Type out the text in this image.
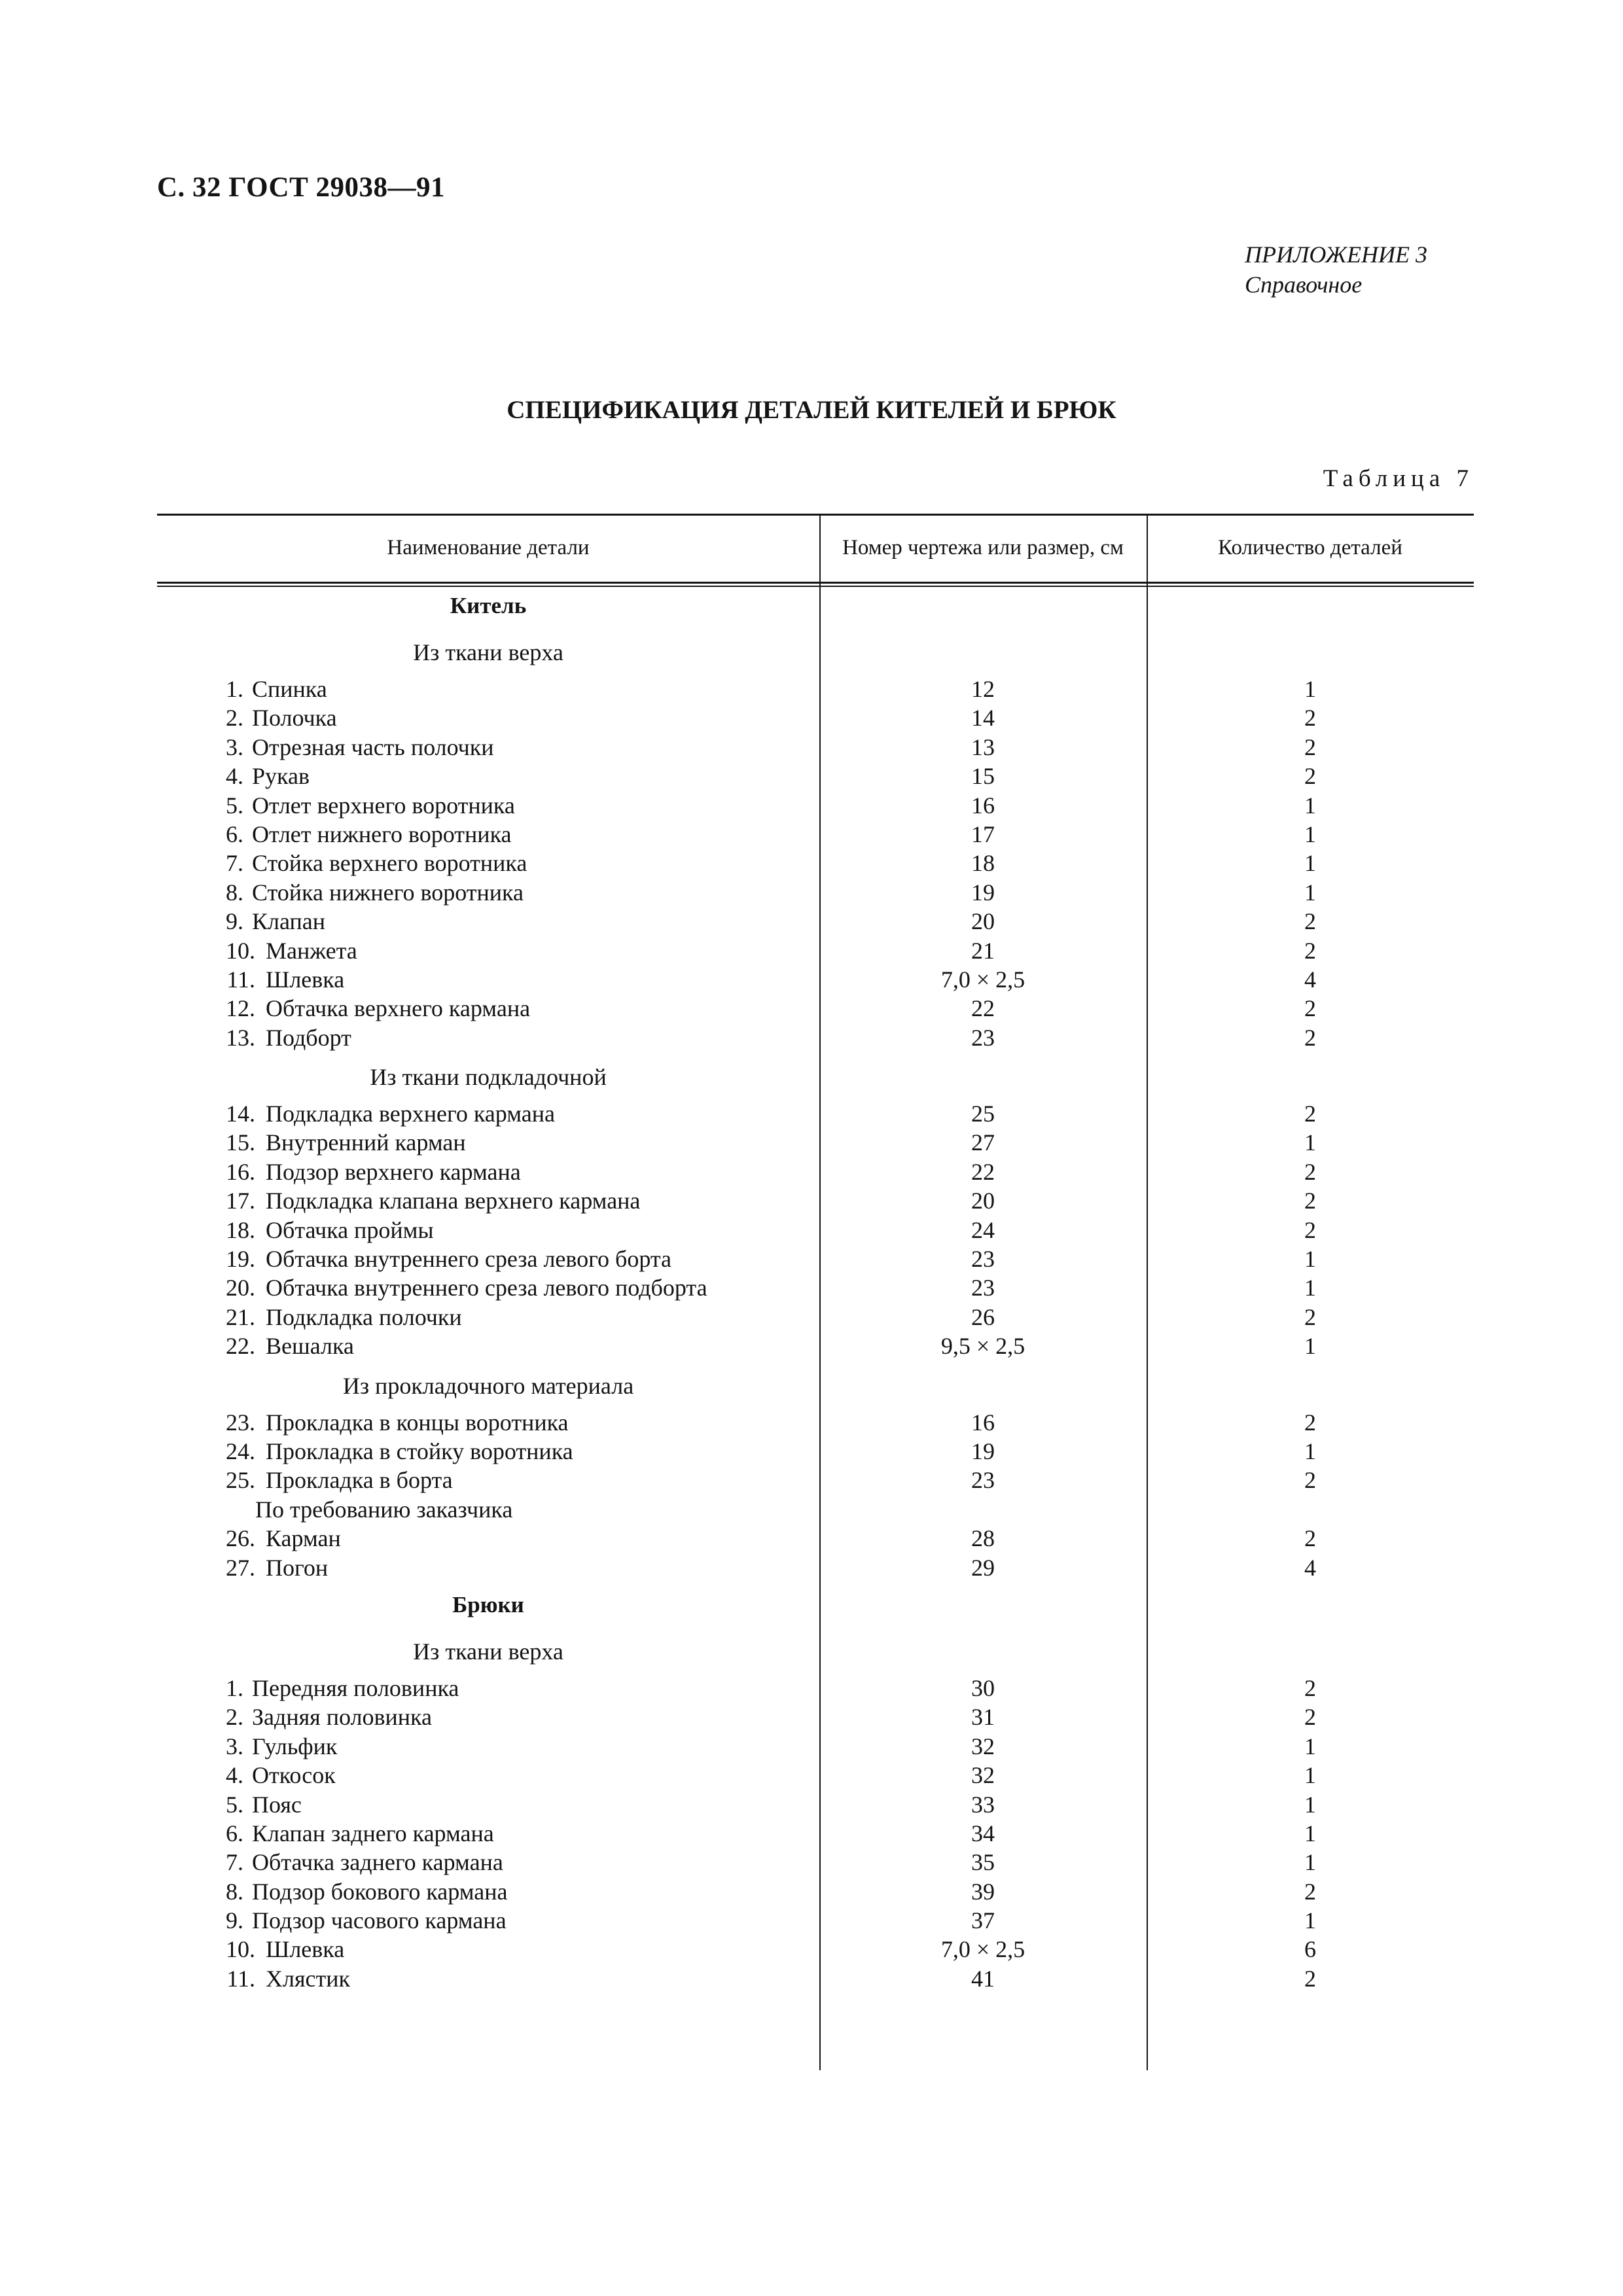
С. 32 ГОСТ 29038—91
ПРИЛОЖЕНИЕ 3
Справочное
СПЕЦИФИКАЦИЯ ДЕТАЛЕЙ КИТЕЛЕЙ И БРЮК
Таблица 7
Наименование детали	Номер чертежа или размер, см	Количество деталей
Китель
Из ткани верха
1. Спинка	12	1
2. Полочка	14	2
3. Отрезная часть полочки	13	2
4. Рукав	15	2
5. Отлет верхнего воротника	16	1
6. Отлет нижнего воротника	17	1
7. Стойка верхнего воротника	18	1
8. Стойка нижнего воротника	19	1
9. Клапан	20	2
10. Манжета	21	2
11. Шлевка	7,0 × 2,5	4
12. Обтачка верхнего кармана	22	2
13. Подборт	23	2
Из ткани подкладочной
14. Подкладка верхнего кармана	25	2
15. Внутренний карман	27	1
16. Подзор верхнего кармана	22	2
17. Подкладка клапана верхнего кармана	20	2
18. Обтачка проймы	24	2
19. Обтачка внутреннего среза левого борта	23	1
20. Обтачка внутреннего среза левого подборта	23	1
21. Подкладка полочки	26	2
22. Вешалка	9,5 × 2,5	1
Из прокладочного материала
23. Прокладка в концы воротника	16	2
24. Прокладка в стойку воротника	19	1
25. Прокладка в борта	23	2
По требованию заказчика
26. Карман	28	2
27. Погон	29	4
Брюки
Из ткани верха
1. Передняя половинка	30	2
2. Задняя половинка	31	2
3. Гульфик	32	1
4. Откосок	32	1
5. Пояс	33	1
6. Клапан заднего кармана	34	1
7. Обтачка заднего кармана	35	1
8. Подзор бокового кармана	39	2
9. Подзор часового кармана	37	1
10. Шлевка	7,0 × 2,5	6
11. Хлястик	41	2
